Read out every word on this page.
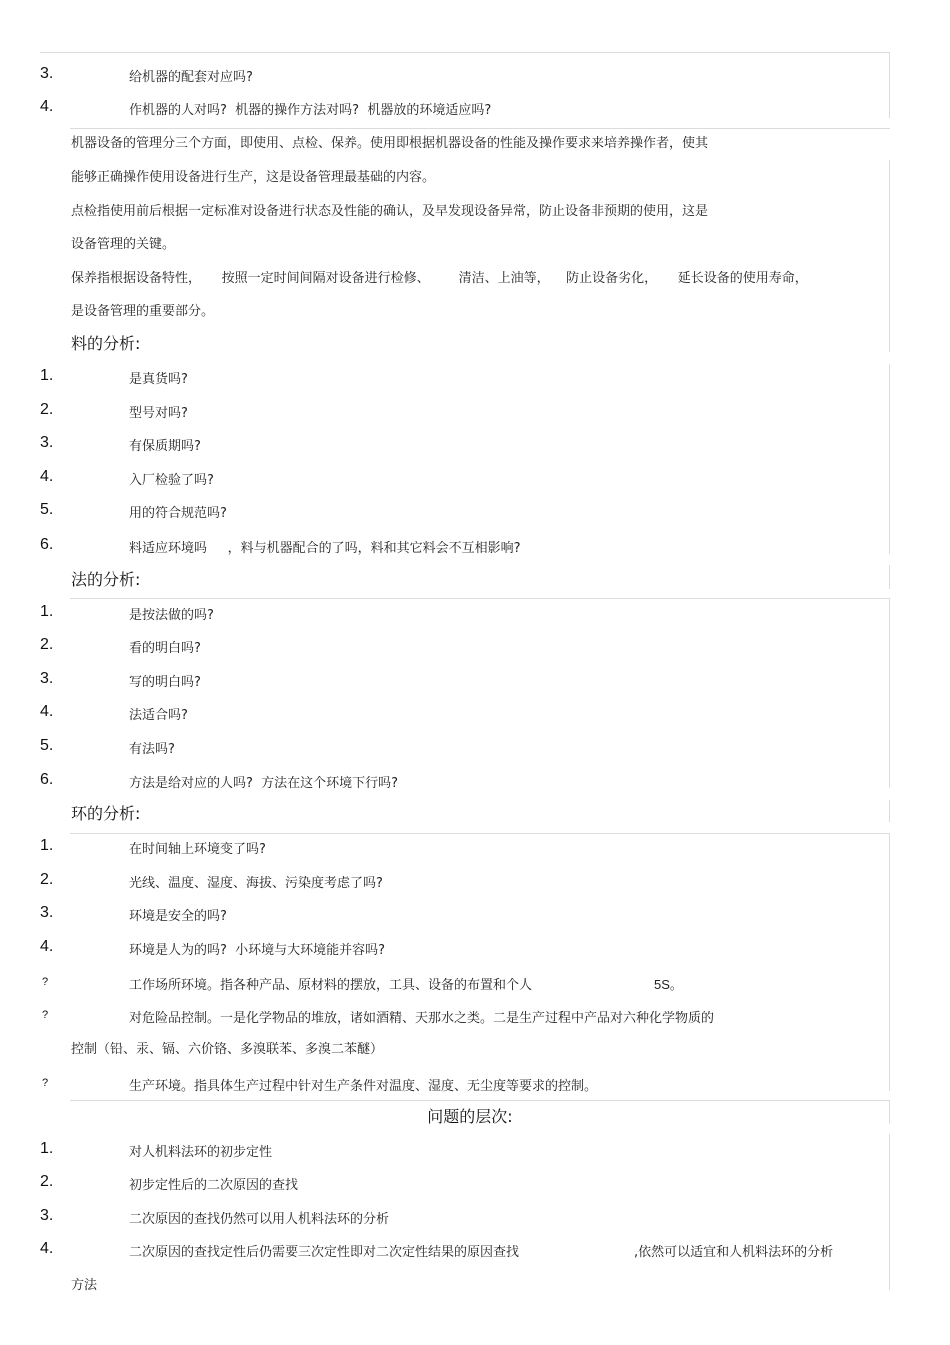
3.	给机器的配套对应吗?
4.	作机器的人对吗?  机器的操作方法对吗?  机器放的环境适应吗?
机器设备的管理分三个方面，即使用、点检、保养。使用即根据机器设备的性能及操作要求来培养操作者，使其
能够正确操作使用设备进行生产，这是设备管理最基础的内容。
点检指使用前后根据一定标准对设备进行状态及性能的确认，及早发现设备异常，防止设备非预期的使用，这是
设备管理的关键。
保养指根据设备特性，     按照一定时间间隔对设备进行检修、       清洁、上油等，    防止设备劣化，     延长设备的使用寿命，
是设备管理的重要部分。
料的分析:
1.	是真货吗?
2.	型号对吗?
3.	有保质期吗?
4.	入厂检验了吗?
5.	用的符合规范吗?
6.	料适应环境吗     ，料与机器配合的了吗，料和其它料会不互相影响?
法的分析:
1.	是按法做的吗?
2.	看的明白吗?
3.	写的明白吗?
4.	法适合吗?
5.	有法吗?
6.	方法是给对应的人吗?  方法在这个环境下行吗?
环的分析:
1.	在时间轴上环境变了吗?
2.	光线、温度、湿度、海拔、污染度考虑了吗?
3.	环境是安全的吗?
4.	环境是人为的吗?  小环境与大环境能并容吗?
?	工作场所环境。指各种产品、原材料的摆放，工具、设备的布置和个人	5S。
?	对危险品控制。一是化学物品的堆放，诸如酒精、天那水之类。二是生产过程中产品对六种化学物质的
控制（铅、汞、镉、六价铬、多溴联苯、多溴二苯醚）
?	生产环境。指具体生产过程中针对生产条件对温度、湿度、无尘度等要求的控制。
问题的层次:
1.	对人机料法环的初步定性
2.	初步定性后的二次原因的查找
3.	二次原因的查找仍然可以用人机料法环的分析
4.	二次原因的查找定性后仍需要三次定性即对二次定性结果的原因查找	,依然可以适宜和人机料法环的分析
方法
